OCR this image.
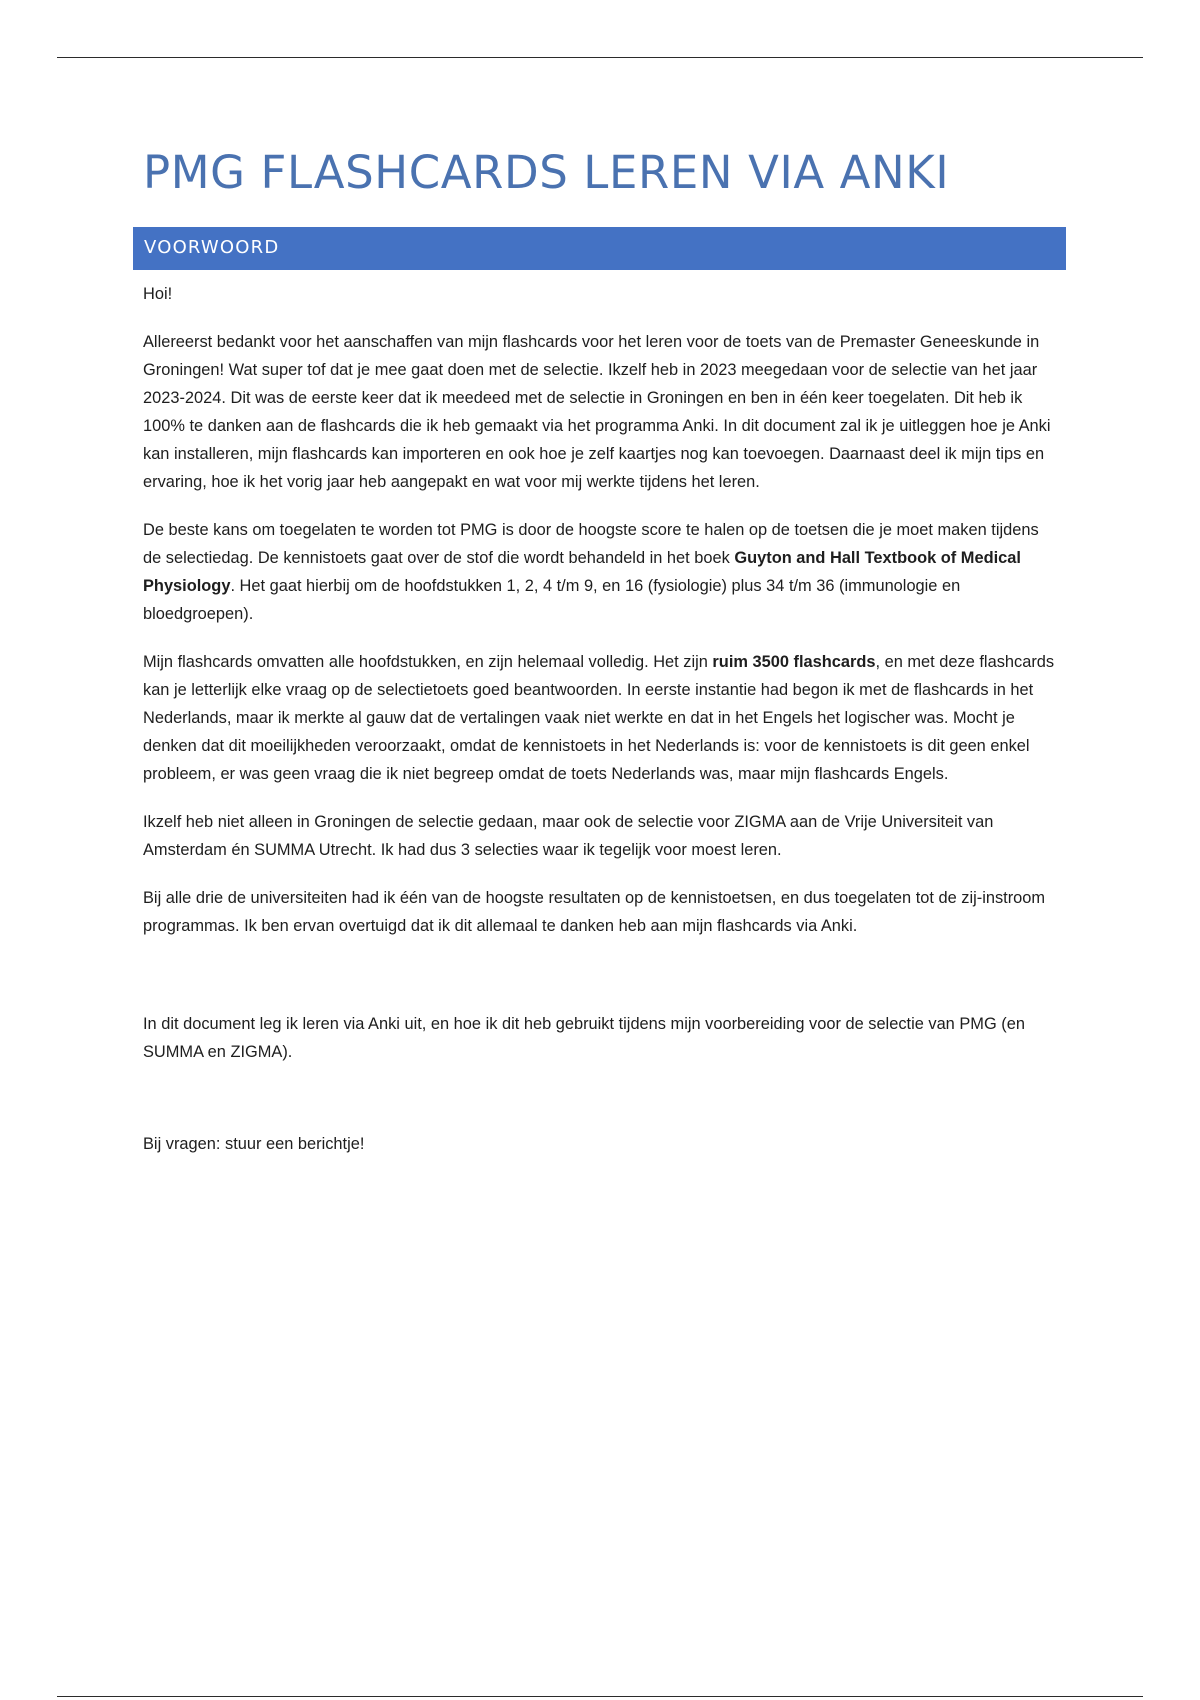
PMG FLASHCARDS LEREN VIA ANKI
VOORWOORD

Hoi!

Allereerst bedankt voor het aanschaffen van mijn flashcards voor het leren voor de toets van de Premaster Geneeskunde in Groningen! Wat super tof dat je mee gaat doen met de selectie. Ikzelf heb in 2023 meegedaan voor de selectie van het jaar 2023-2024. Dit was de eerste keer dat ik meedeed met de selectie in Groningen en ben in één keer toegelaten. Dit heb ik 100% te danken aan de flashcards die ik heb gemaakt via het programma Anki. In dit document zal ik je uitleggen hoe je Anki kan installeren, mijn flashcards kan importeren en ook hoe je zelf kaartjes nog kan toevoegen. Daarnaast deel ik mijn tips en ervaring, hoe ik het vorig jaar heb aangepakt en wat voor mij werkte tijdens het leren.

De beste kans om toegelaten te worden tot PMG is door de hoogste score te halen op de toetsen die je moet maken tijdens de selectiedag. De kennistoets gaat over de stof die wordt behandeld in het boek Guyton and Hall Textbook of Medical Physiology. Het gaat hierbij om de hoofdstukken 1, 2, 4 t/m 9, en 16 (fysiologie) plus 34 t/m 36 (immunologie en bloedgroepen).

Mijn flashcards omvatten alle hoofdstukken, en zijn helemaal volledig. Het zijn ruim 3500 flashcards, en met deze flashcards kan je letterlijk elke vraag op de selectietoets goed beantwoorden. In eerste instantie had begon ik met de flashcards in het Nederlands, maar ik merkte al gauw dat de vertalingen vaak niet werkte en dat in het Engels het logischer was. Mocht je denken dat dit moeilijkheden veroorzaakt, omdat de kennistoets in het Nederlands is: voor de kennistoets is dit geen enkel probleem, er was geen vraag die ik niet begreep omdat de toets Nederlands was, maar mijn flashcards Engels.

Ikzelf heb niet alleen in Groningen de selectie gedaan, maar ook de selectie voor ZIGMA aan de Vrije Universiteit van Amsterdam én SUMMA Utrecht. Ik had dus 3 selecties waar ik tegelijk voor moest leren.

Bij alle drie de universiteiten had ik één van de hoogste resultaten op de kennistoetsen, en dus toegelaten tot de zij-instroom programmas. Ik ben ervan overtuigd dat ik dit allemaal te danken heb aan mijn flashcards via Anki.

In dit document leg ik leren via Anki uit, en hoe ik dit heb gebruikt tijdens mijn voorbereiding voor de selectie van PMG (en SUMMA en ZIGMA).

Bij vragen: stuur een berichtje!
